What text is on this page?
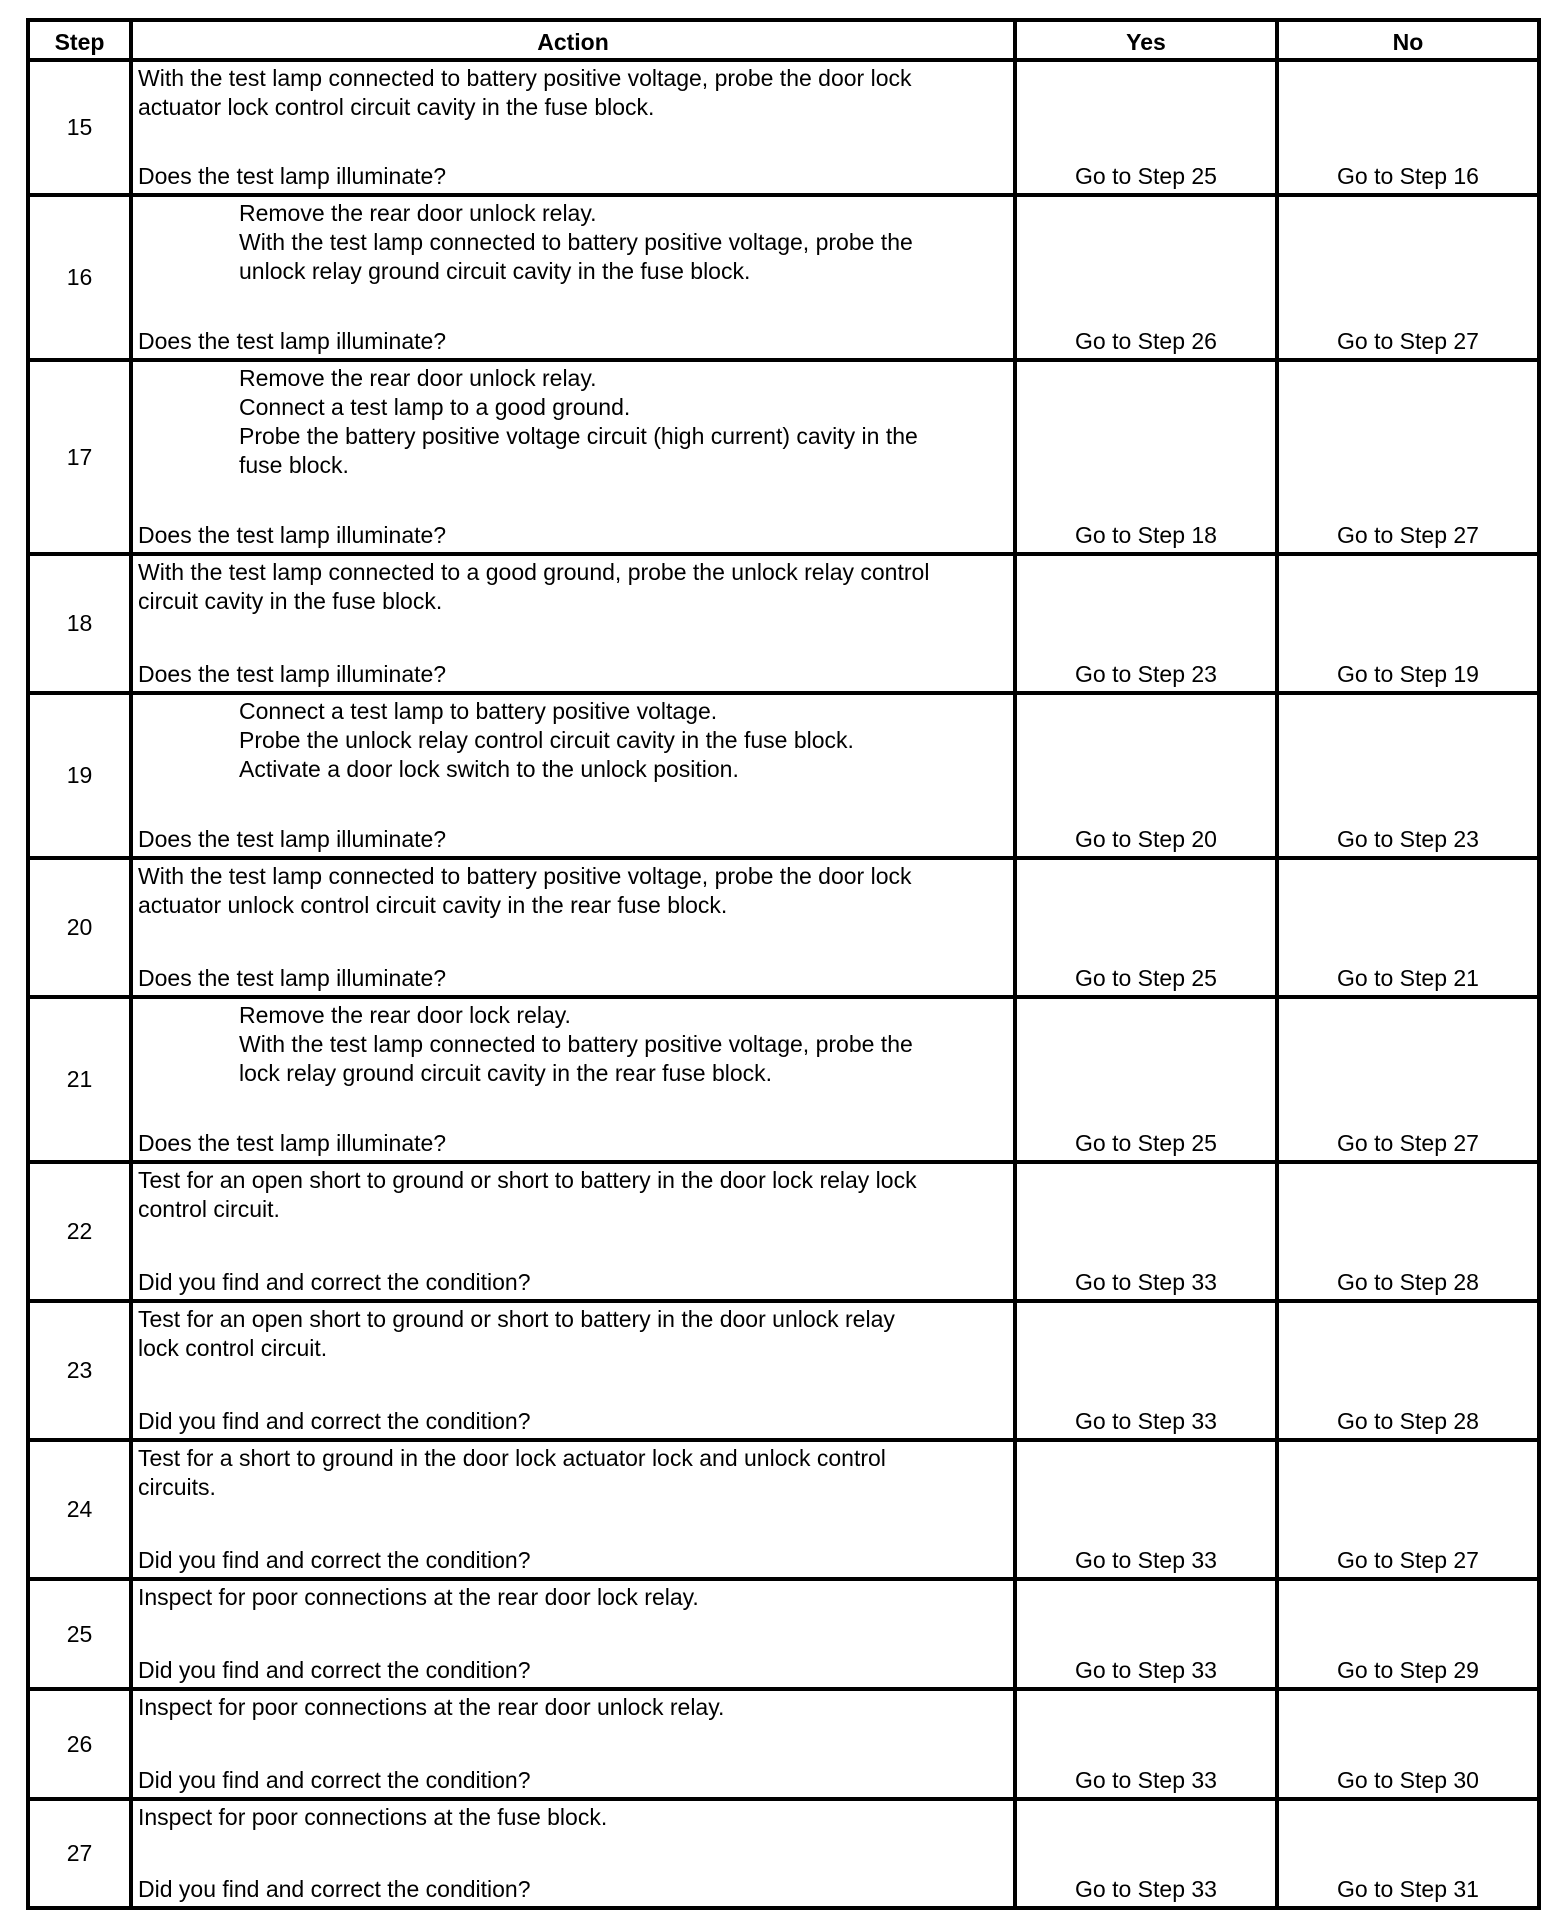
Step	Action	Yes	No
15
With the test lamp connected to battery positive voltage, probe the door lock
actuator lock control circuit cavity in the fuse block.
Does the test lamp illuminate?	Go to Step 25	Go to Step 16
16
Remove the rear door unlock relay.
With the test lamp connected to battery positive voltage, probe the
unlock relay ground circuit cavity in the fuse block.
Does the test lamp illuminate?	Go to Step 26	Go to Step 27
17
Remove the rear door unlock relay.
Connect a test lamp to a good ground.
Probe the battery positive voltage circuit (high current) cavity in the
fuse block.
Does the test lamp illuminate?	Go to Step 18	Go to Step 27
18
With the test lamp connected to a good ground, probe the unlock relay control
circuit cavity in the fuse block.
Does the test lamp illuminate?	Go to Step 23	Go to Step 19
19
Connect a test lamp to battery positive voltage.
Probe the unlock relay control circuit cavity in the fuse block.
Activate a door lock switch to the unlock position.
Does the test lamp illuminate?	Go to Step 20	Go to Step 23
20
With the test lamp connected to battery positive voltage, probe the door lock
actuator unlock control circuit cavity in the rear fuse block.
Does the test lamp illuminate?	Go to Step 25	Go to Step 21
21
Remove the rear door lock relay.
With the test lamp connected to battery positive voltage, probe the
lock relay ground circuit cavity in the rear fuse block.
Does the test lamp illuminate?	Go to Step 25	Go to Step 27
22
Test for an open short to ground or short to battery in the door lock relay lock
control circuit.
Did you find and correct the condition?	Go to Step 33	Go to Step 28
23
Test for an open short to ground or short to battery in the door unlock relay
lock control circuit.
Did you find and correct the condition?	Go to Step 33	Go to Step 28
24
Test for a short to ground in the door lock actuator lock and unlock control
circuits.
Did you find and correct the condition?	Go to Step 33	Go to Step 27
25
Inspect for poor connections at the rear door lock relay.
Did you find and correct the condition?	Go to Step 33	Go to Step 29
26
Inspect for poor connections at the rear door unlock relay.
Did you find and correct the condition?	Go to Step 33	Go to Step 30
27
Inspect for poor connections at the fuse block.
Did you find and correct the condition?	Go to Step 33	Go to Step 31
